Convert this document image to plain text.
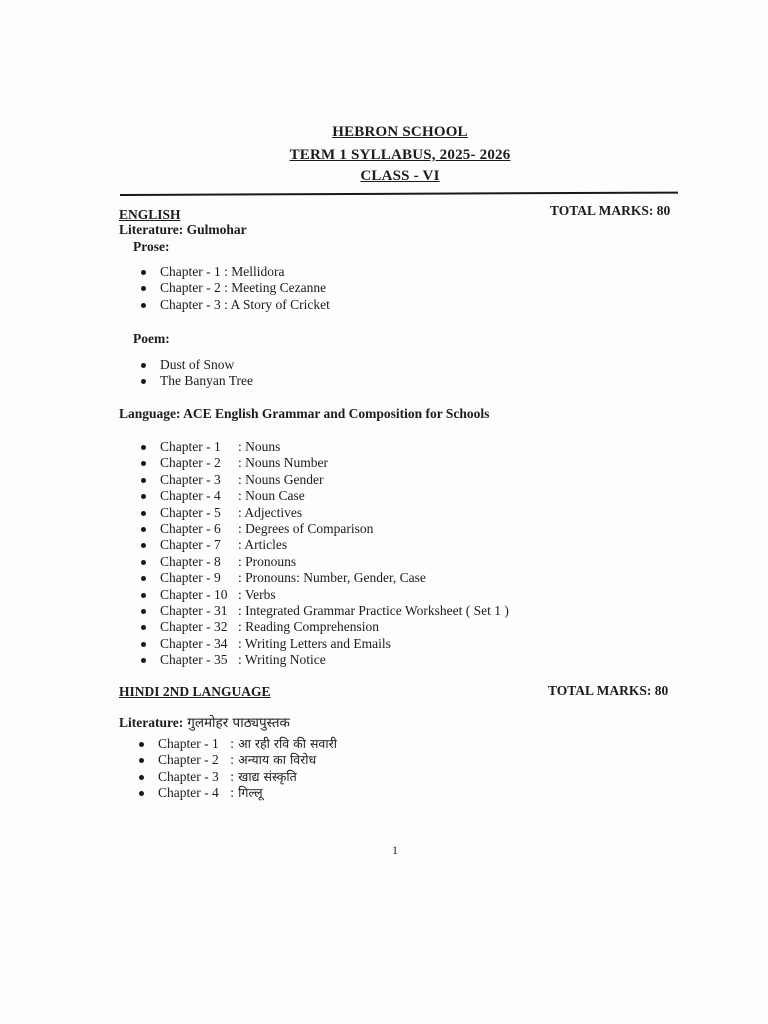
HEBRON SCHOOL
TERM 1 SYLLABUS, 2025- 2026
CLASS - VI
ENGLISH	TOTAL MARKS: 80
Literature: Gulmohar
Prose:
Chapter - 1 : Mellidora
Chapter - 2 : Meeting Cezanne
Chapter - 3 : A Story of Cricket
Poem:
Dust of Snow
The Banyan Tree
Language: ACE English Grammar and Composition for Schools
Chapter - 1 : Nouns
Chapter - 2 : Nouns Number
Chapter - 3 : Nouns Gender
Chapter - 4 : Noun Case
Chapter - 5 : Adjectives
Chapter - 6 : Degrees of Comparison
Chapter - 7 : Articles
Chapter - 8 : Pronouns
Chapter - 9 : Pronouns: Number, Gender, Case
Chapter - 10 : Verbs
Chapter - 31 : Integrated Grammar Practice Worksheet ( Set 1 )
Chapter - 32 : Reading Comprehension
Chapter - 34 : Writing Letters and Emails
Chapter - 35 : Writing Notice
HINDI 2ND LANGUAGE	TOTAL MARKS: 80
Literature: गुलमोहर पाठ्यपुस्तक
Chapter - 1 : आ रही रवि की सवारी
Chapter - 2 : अन्याय का विरोध
Chapter - 3 : खाद्य संस्कृति
Chapter - 4 : गिल्लू
1
